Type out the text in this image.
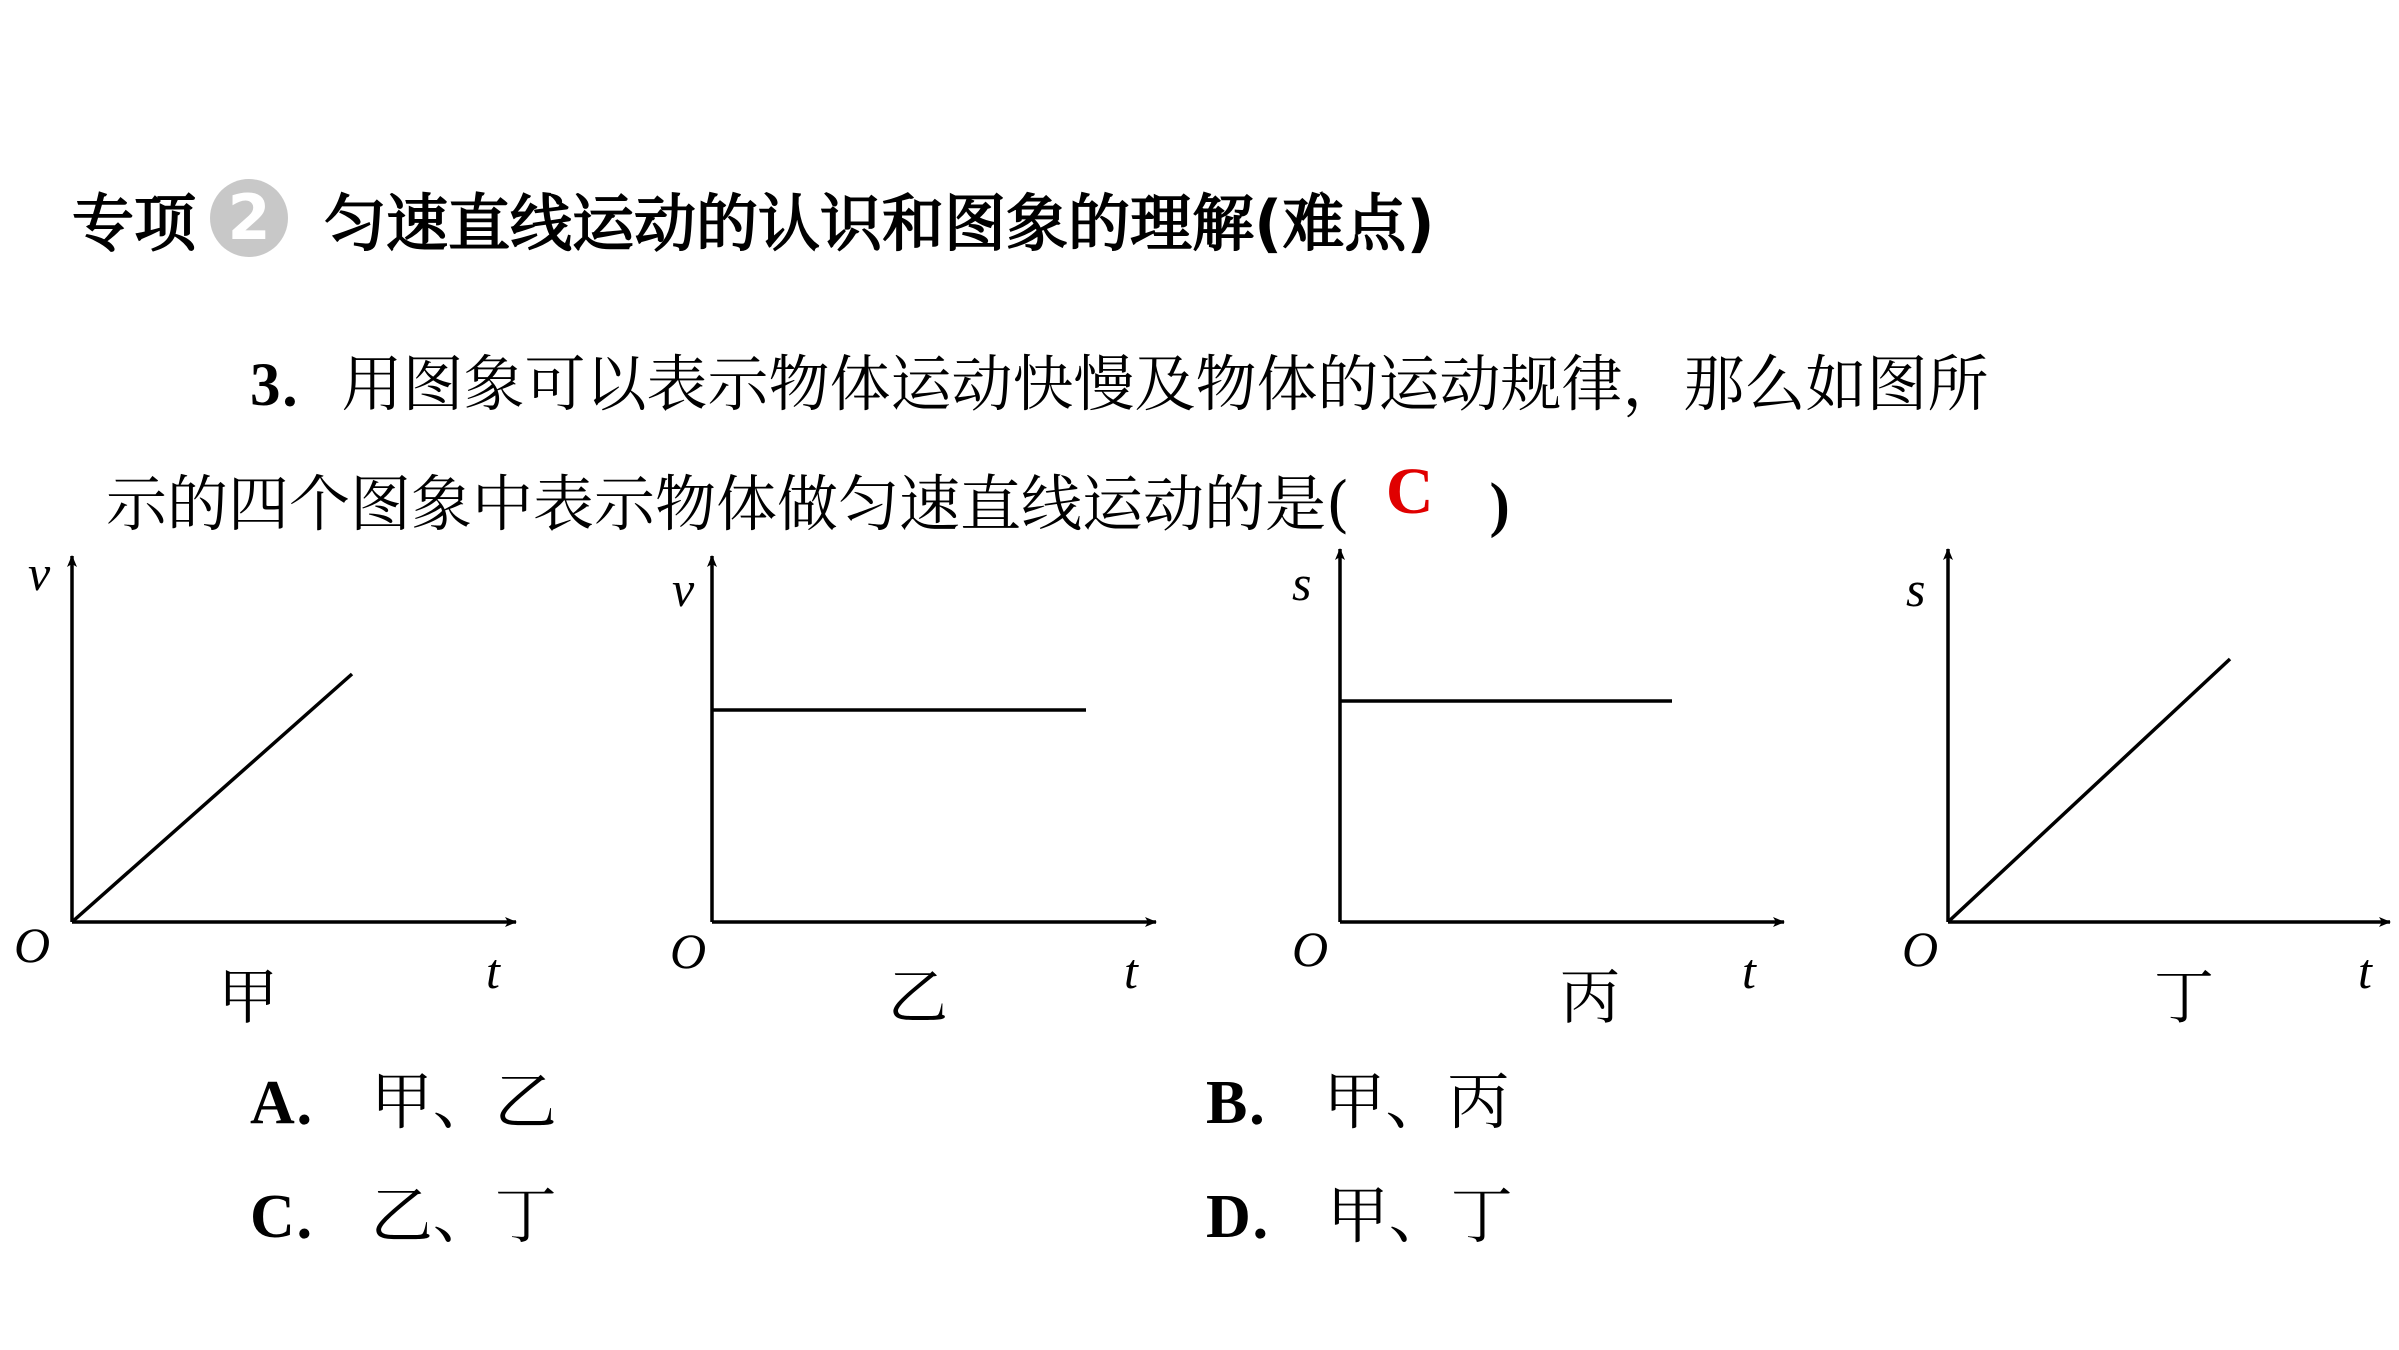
专项 2 匀速直线运动的认识和图象的理解(难点)
3．用图象可以表示物体运动快慢及物体的运动规律，那么如图所
示的四个图象中表示物体做匀速直线运动的是( C )
v
O	t
甲
v
O	t
乙
s
O	t
丙
s
O	t
丁
A． 甲、乙	B． 甲、丙
C． 乙、丁	D． 甲、丁
